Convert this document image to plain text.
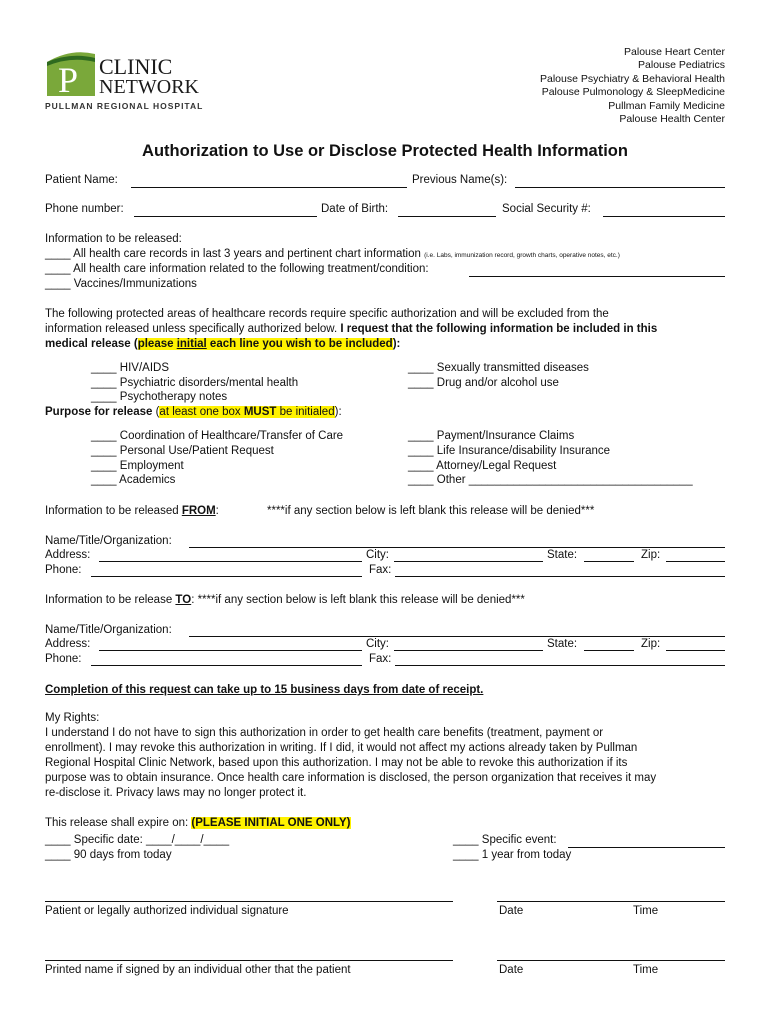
P CLINIC
NETWORK
PULLMAN REGIONAL HOSPITAL
Palouse Heart Center
Palouse Pediatrics
Palouse Psychiatry & Behavioral Health
Palouse Pulmonology & SleepMedicine
Pullman Family Medicine
Palouse Health Center
Authorization to Use or Disclose Protected Health Information
Patient Name:	Previous Name(s):
Phone number:	Date of Birth:	Social Security #:
Information to be released:
____ All health care records in last 3 years and pertinent chart information (i.e. Labs, immunization record, growth charts, operative notes, etc.)
____ All health care information related to the following treatment/condition:
____ Vaccines/Immunizations
The following protected areas of healthcare records require specific authorization and will be excluded from the
information released unless specifically authorized below. I request that the following information be included in this
medical release (please initial each line you wish to be included):
____ HIV/AIDS
____ Psychiatric disorders/mental health
____ Psychotherapy notes
____ Sexually transmitted diseases
____ Drug and/or alcohol use
Purpose for release (at least one box MUST be initialed):
____ Coordination of Healthcare/Transfer of Care
____ Personal Use/Patient Request
____ Employment
____ Academics
____ Payment/Insurance Claims
____ Life Insurance/disability Insurance
____ Attorney/Legal Request
____ Other ___________________________________
Information to be released FROM:	****if any section below is left blank this release will be denied***
Name/Title/Organization:
Address:	City:	State:	Zip:
Phone:	Fax:
Information to be release TO: ****if any section below is left blank this release will be denied***
Name/Title/Organization:
Address:	City:	State:	Zip:
Phone:	Fax:
Completion of this request can take up to 15 business days from date of receipt.
My Rights:
I understand I do not have to sign this authorization in order to get health care benefits (treatment, payment or
enrollment). I may revoke this authorization in writing. If I did, it would not affect my actions already taken by Pullman
Regional Hospital Clinic Network, based upon this authorization. I may not be able to revoke this authorization if its
purpose was to obtain insurance. Once health care information is disclosed, the person organization that receives it may
re-disclose it. Privacy laws may no longer protect it.
This release shall expire on: (PLEASE INITIAL ONE ONLY)
____ Specific date: ____/____/____
____ 90 days from today
____ Specific event:
____ 1 year from today
Patient or legally authorized individual signature	Date	Time
Printed name if signed by an individual other that the patient	Date	Time
